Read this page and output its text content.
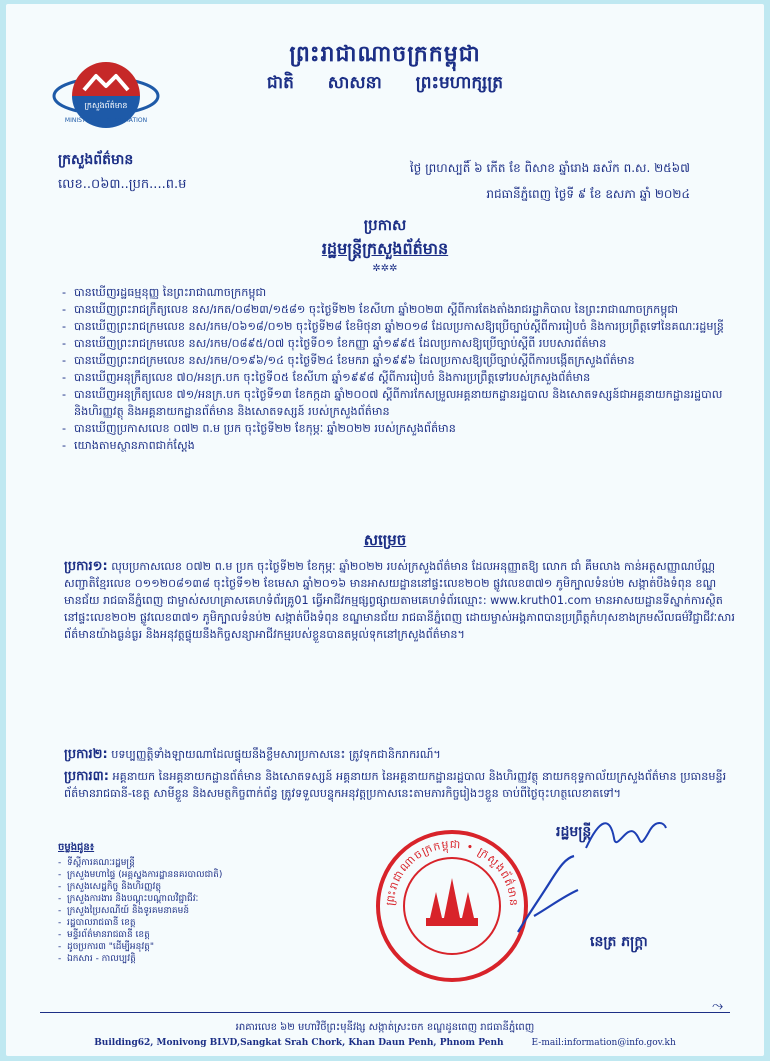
ព្រះរាជាណាចក្រកម្ពុជា
ជាតិ សាសនា ព្រះមហាក្សត្រ
ក្រសួងព័ត៌មាន
MINISTRY OF INFORMATION
ក្រសួងព័ត៌មាន
លេខ..០៦៣..ប្រក....ព.ម
ថ្ងៃ ព្រហស្បតិ៍ ៦ កើត ខែ ពិសាខ ឆ្នាំរោង ឆស័ក ព.ស. ២៥៦៧
រាជធានីភ្នំពេញ ថ្ងៃទី ៩ ខែ ឧសភា ឆ្នាំ ២០២៤
ប្រកាស
រដ្ឋមន្ត្រីក្រសួងព័ត៌មាន
✲✲✲
- បានឃើញរដ្ឋធម្មនុញ្ញ នៃព្រះរាជាណាចក្រកម្ពុជា
- បានឃើញព្រះរាជក្រឹត្យលេខ នស/រកត/០៨២៣/១៥៨១ ចុះថ្ងៃទី២២ ខែសីហា ឆ្នាំ២០២៣ ស្តីពីការតែងតាំងរាជរដ្ឋាភិបាល នៃព្រះរាជាណាចក្រកម្ពុជា
- បានឃើញព្រះរាជក្រមលេខ នស/រកម/០៦១៨/០១២ ចុះថ្ងៃទី២៨ ខែមិថុនា ឆ្នាំ២០១៨ ដែលប្រកាសឱ្យប្រើច្បាប់ស្តីពីការរៀបចំ និងការប្រព្រឹត្តទៅនៃគណៈរដ្ឋមន្ត្រី
- បានឃើញព្រះរាជក្រមលេខ នស/រកម/០៨៩៥/០៧ ចុះថ្ងៃទី០១ ខែកញ្ញា ឆ្នាំ១៩៩៥ ដែលប្រកាសឱ្យប្រើច្បាប់ស្តីពី របបសារព័ត៌មាន
- បានឃើញព្រះរាជក្រមលេខ នស/រកម/០១៩៦/១៤ ចុះថ្ងៃទី២៤ ខែមករា ឆ្នាំ១៩៩៦ ដែលប្រកាសឱ្យប្រើច្បាប់ស្តីពីការបង្កើតក្រសួងព័ត៌មាន
- បានឃើញអនុក្រឹត្យលេខ ៧០/អនក្រ.បក ចុះថ្ងៃទី០៥ ខែសីហា ឆ្នាំ១៩៩៨ ស្តីពីការរៀបចំ និងការប្រព្រឹត្តទៅរបស់ក្រសួងព័ត៌មាន
- បានឃើញអនុក្រឹត្យលេខ ៧១/អនក្រ.បក ចុះថ្ងៃទី១៣ ខែកក្កដា ឆ្នាំ២០០៧ ស្តីពីការកែសម្រួលអគ្គនាយកដ្ឋានរដ្ឋបាល និងសោតទស្សន៍ជាអគ្គនាយកដ្ឋានរដ្ឋបាល និងហិរញ្ញវត្ថុ និងអគ្គនាយកដ្ឋានព័ត៌មាន និងសោតទស្សន៍ របស់ក្រសួងព័ត៌មាន
- បានឃើញប្រកាសលេខ ០៧២ ព.ម ប្រក ចុះថ្ងៃទី២២ ខែកុម្ភៈ ឆ្នាំ២០២២ របស់ក្រសួងព័ត៌មាន
- យោងតាមស្ថានភាពជាក់ស្តែង
សម្រេច
ប្រការ១: លុបប្រកាសលេខ ០៧២ ព.ម ប្រក ចុះថ្ងៃទី២២ ខែកុម្ភៈ ឆ្នាំ២០២២ របស់ក្រសួងព័ត៌មាន ដែលអនុញ្ញាតឱ្យ លោក ជាំ គឹមលាង កាន់អត្តសញ្ញាណប័ណ្ណសញ្ជាតិខ្មែរលេខ ០១១២០៨១៣៨ ចុះថ្ងៃទី១២ ខែមេសា ឆ្នាំ២០១៦ មានអាសយដ្ឋាននៅផ្ទះលេខ២០២ ផ្លូវលេខ៣៧១ ភូមិក្បាលទំនប់២ សង្កាត់បឹងទំពុន ខណ្ឌមានជ័យ រាជធានីភ្នំពេញ ជាម្ចាស់សហគ្រាសគេហទំព័រគ្រូ01 ធ្វើអាជីវកម្មផ្សព្វផ្សាយតាមគេហទំព័រឈ្មោះ: www.kruth01.com មានអាសយដ្ឋានទីស្នាក់ការស្ថិតនៅផ្ទះលេខ២០២ ផ្លូវលេខ៣៧១ ភូមិក្បាលទំនប់២ សង្កាត់បឹងទំពុន ខណ្ឌមានជ័យ រាជធានីភ្នំពេញ ដោយម្ចាស់អង្គភាពបានប្រព្រឹត្តកំហុសខាងក្រមសីលធម៌វិជ្ជាជីវៈសារព័ត៌មានយ៉ាងធ្ងន់ធ្ងរ និងអនុវត្តផ្ទុយនឹងកិច្ចសន្យាអាជីវកម្មរបស់ខ្លួនបានតម្កល់ទុកនៅក្រសួងព័ត៌មាន។
ប្រការ២: បទប្បញ្ញត្តិទាំងឡាយណាដែលផ្ទុយនឹងខ្លឹមសារប្រកាសនេះ ត្រូវទុកជានិករាករណ៍។
ប្រការ៣: អគ្គនាយក នៃអគ្គនាយកដ្ឋានព័ត៌មាន និងសោតទស្សន៍ អគ្គនាយក នៃអគ្គនាយកដ្ឋានរដ្ឋបាល និងហិរញ្ញវត្ថុ នាយកខុទ្ទកាល័យក្រសួងព័ត៌មាន ប្រធានមន្ទីរព័ត៌មានរាជធានី-ខេត្ត សាមីខ្លួន និងសមត្ថកិច្ចពាក់ព័ន្ធ ត្រូវទទួលបន្ទុកអនុវត្តប្រកាសនេះតាមភារកិច្ចរៀងៗខ្លួន ចាប់ពីថ្ងៃចុះហត្ថលេខាតទៅ។
ព្រះរាជាណាចក្រកម្ពុជា • ក្រសួងព័ត៌មាន
រដ្ឋមន្ត្រី
នេត្រ ភក្ត្រា
ចម្លងជូន៖
- ទីស្តីការគណៈរដ្ឋមន្ត្រី
- ក្រសួងមហាផ្ទៃ (អគ្គស្នងការដ្ឋាននគរបាលជាតិ)
- ក្រសួងសេដ្ឋកិច្ច និងហិរញ្ញវត្ថុ
- ក្រសួងការងារ និងបណ្តុះបណ្តាលវិជ្ជាជីវៈ
- ក្រសួងប្រៃសណីយ៍ និងទូរគមនាគមន៍
- រដ្ឋបាលរាជធានី ខេត្ត
- មន្ទីរព័ត៌មានរាជធានី ខេត្ត
- ដូចប្រការ៣ "ដើម្បីអនុវត្ត"
- ឯកសារ - កាលប្បវត្តិ
⤳
អាគារលេខ ៦២ មហាវិថីព្រះមុនីវង្ស សង្កាត់ស្រះចក ខណ្ឌដូនពេញ រាជធានីភ្នំពេញ
Building62, Monivong BLVD,Sangkat Srah Chork, Khan Daun Penh, Phnom Penh	E-mail:information@info.gov.kh
